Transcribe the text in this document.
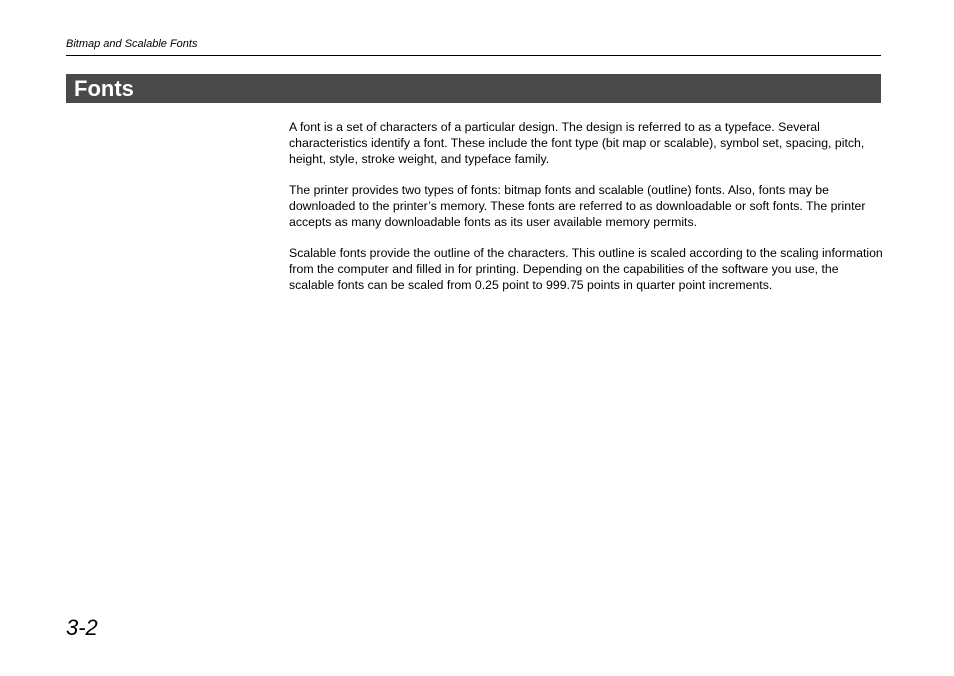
Bitmap and Scalable Fonts
Fonts

A font is a set of characters of a particular design. The design is referred to as a typeface. Several characteristics identify a font. These include the font type (bit map or scalable), symbol set, spacing, pitch, height, style, stroke weight, and typeface family.

The printer provides two types of fonts: bitmap fonts and scalable (outline) fonts. Also, fonts may be downloaded to the printer’s memory. These fonts are referred to as downloadable or soft fonts. The printer accepts as many downloadable fonts as its user available memory permits.

Scalable fonts provide the outline of the characters. This outline is scaled according to the scaling information from the computer and filled in for printing. Depending on the capabilities of the software you use, the scalable fonts can be scaled from 0.25 point to 999.75 points in quarter point increments.

3-2
